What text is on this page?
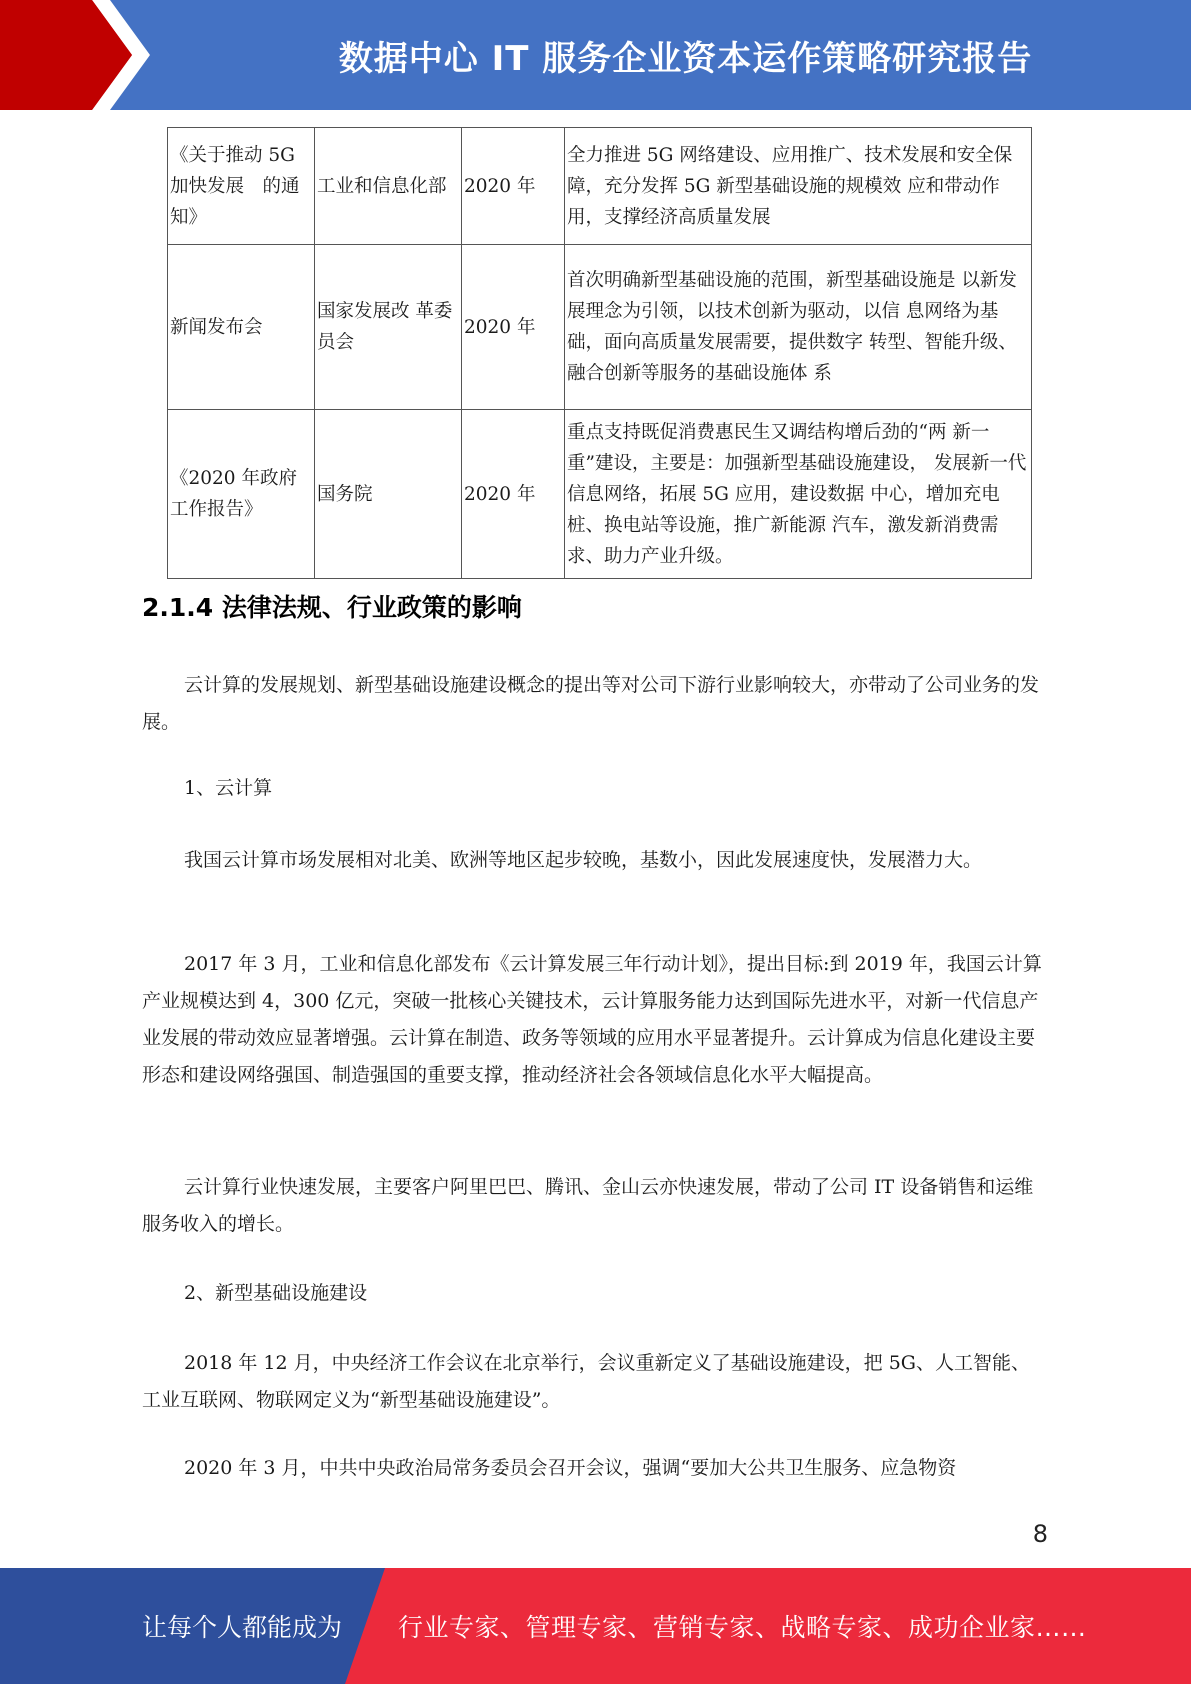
数据中心 IT 服务企业资本运作策略研究报告
《关于推动 5G 加快发展　的通知》	工业和信息化部	2020 年	全力推进 5G 网络建设、应用推广、技术发展和安全保障，充分发挥 5G 新型基础设施的规模效 应和带动作用，支撑经济高质量发展
新闻发布会	国家发展改 革委员会	2020 年	首次明确新型基础设施的范围，新型基础设施是 以新发展理念为引领，以技术创新为驱动，以信 息网络为基础，面向高质量发展需要，提供数字 转型、智能升级、融合创新等服务的基础设施体 系
《2020 年政府工作报告》	国务院	2020 年	重点支持既促消费惠民生又调结构增后劲的“两 新一重”建设，主要是：加强新型基础设施建设， 发展新一代信息网络，拓展 5G 应用，建设数据 中心，增加充电桩、换电站等设施，推广新能源 汽车，激发新消费需求、助力产业升级。
2.1.4 法律法规、行业政策的影响

云计算的发展规划、新型基础设施建设概念的提出等对公司下游行业影响较大，亦带动了公司业务的发展。

1、云计算

我国云计算市场发展相对北美、欧洲等地区起步较晚，基数小，因此发展速度快，发展潜力大。

2017 年 3 月，工业和信息化部发布《云计算发展三年行动计划》，提出目标:到 2019 年，我国云计算产业规模达到 4，300 亿元，突破一批核心关键技术，云计算服务能力达到国际先进水平，对新一代信息产业发展的带动效应显著增强。云计算在制造、政务等领域的应用水平显著提升。云计算成为信息化建设主要形态和建设网络强国、制造强国的重要支撑，推动经济社会各领域信息化水平大幅提高。

云计算行业快速发展，主要客户阿里巴巴、腾讯、金山云亦快速发展，带动了公司 IT 设备销售和运维服务收入的增长。

2、新型基础设施建设

2018 年 12 月，中央经济工作会议在北京举行，会议重新定义了基础设施建设，把 5G、人工智能、工业互联网、物联网定义为“新型基础设施建设”。

2020 年 3 月，中共中央政治局常务委员会召开会议，强调“要加大公共卫生服务、应急物资

8
让每个人都能成为 行业专家、管理专家、营销专家、战略专家、成功企业家……
